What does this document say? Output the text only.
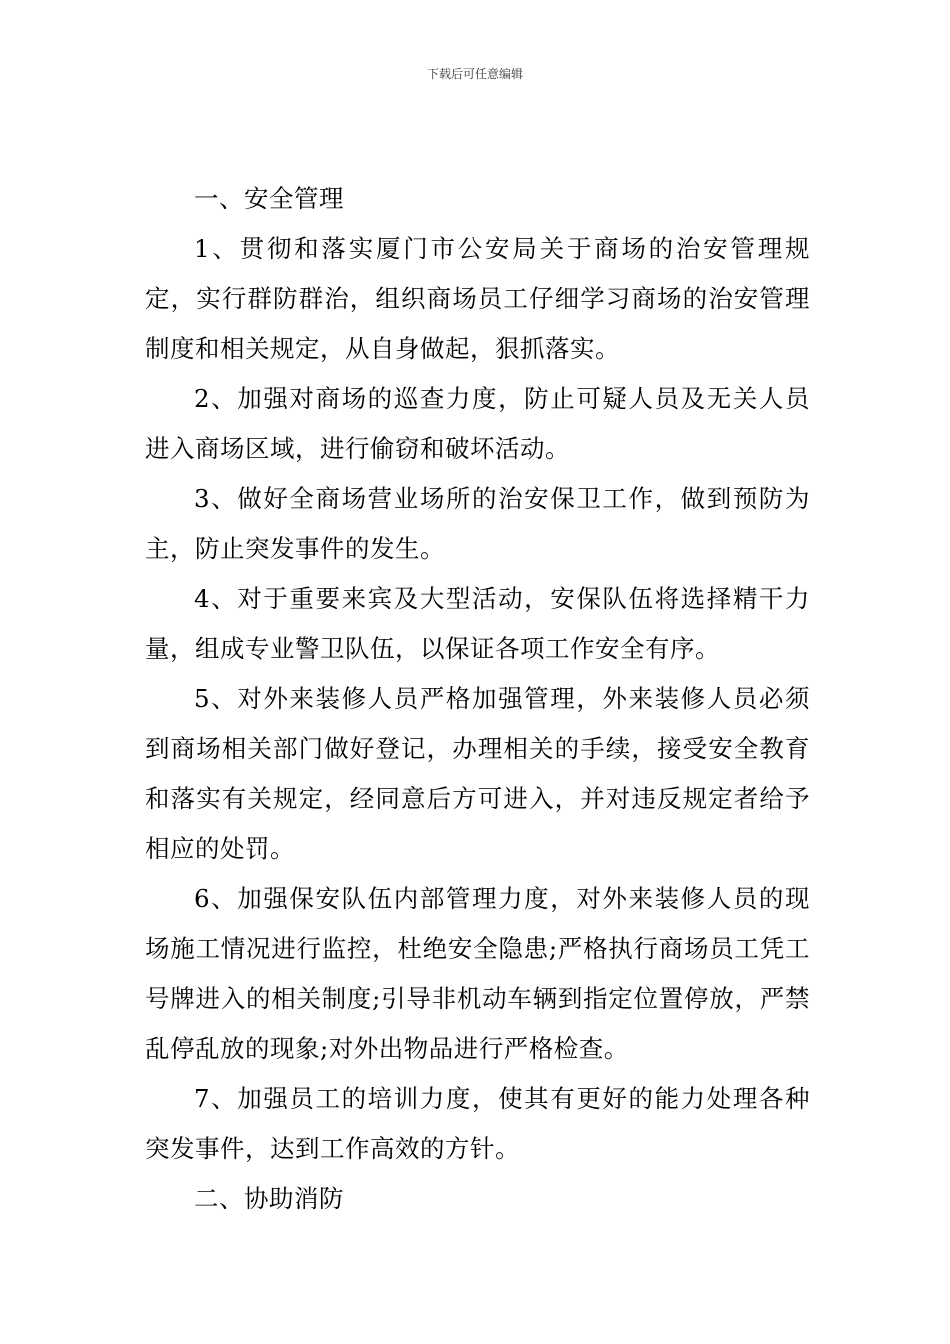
下载后可任意编辑

一、安全管理

1、贯彻和落实厦门市公安局关于商场的治安管理规定，实行群防群治，组织商场员工仔细学习商场的治安管理制度和相关规定，从自身做起，狠抓落实。

2、加强对商场的巡查力度，防止可疑人员及无关人员进入商场区域，进行偷窃和破坏活动。

3、做好全商场营业场所的治安保卫工作，做到预防为主，防止突发事件的发生。

4、对于重要来宾及大型活动，安保队伍将选择精干力量，组成专业警卫队伍，以保证各项工作安全有序。

5、对外来装修人员严格加强管理，外来装修人员必须到商场相关部门做好登记，办理相关的手续，接受安全教育和落实有关规定，经同意后方可进入，并对违反规定者给予相应的处罚。

6、加强保安队伍内部管理力度，对外来装修人员的现场施工情况进行监控，杜绝安全隐患;严格执行商场员工凭工号牌进入的相关制度;引导非机动车辆到指定位置停放，严禁乱停乱放的现象;对外出物品进行严格检查。

7、加强员工的培训力度，使其有更好的能力处理各种突发事件，达到工作高效的方针。

二、协助消防
